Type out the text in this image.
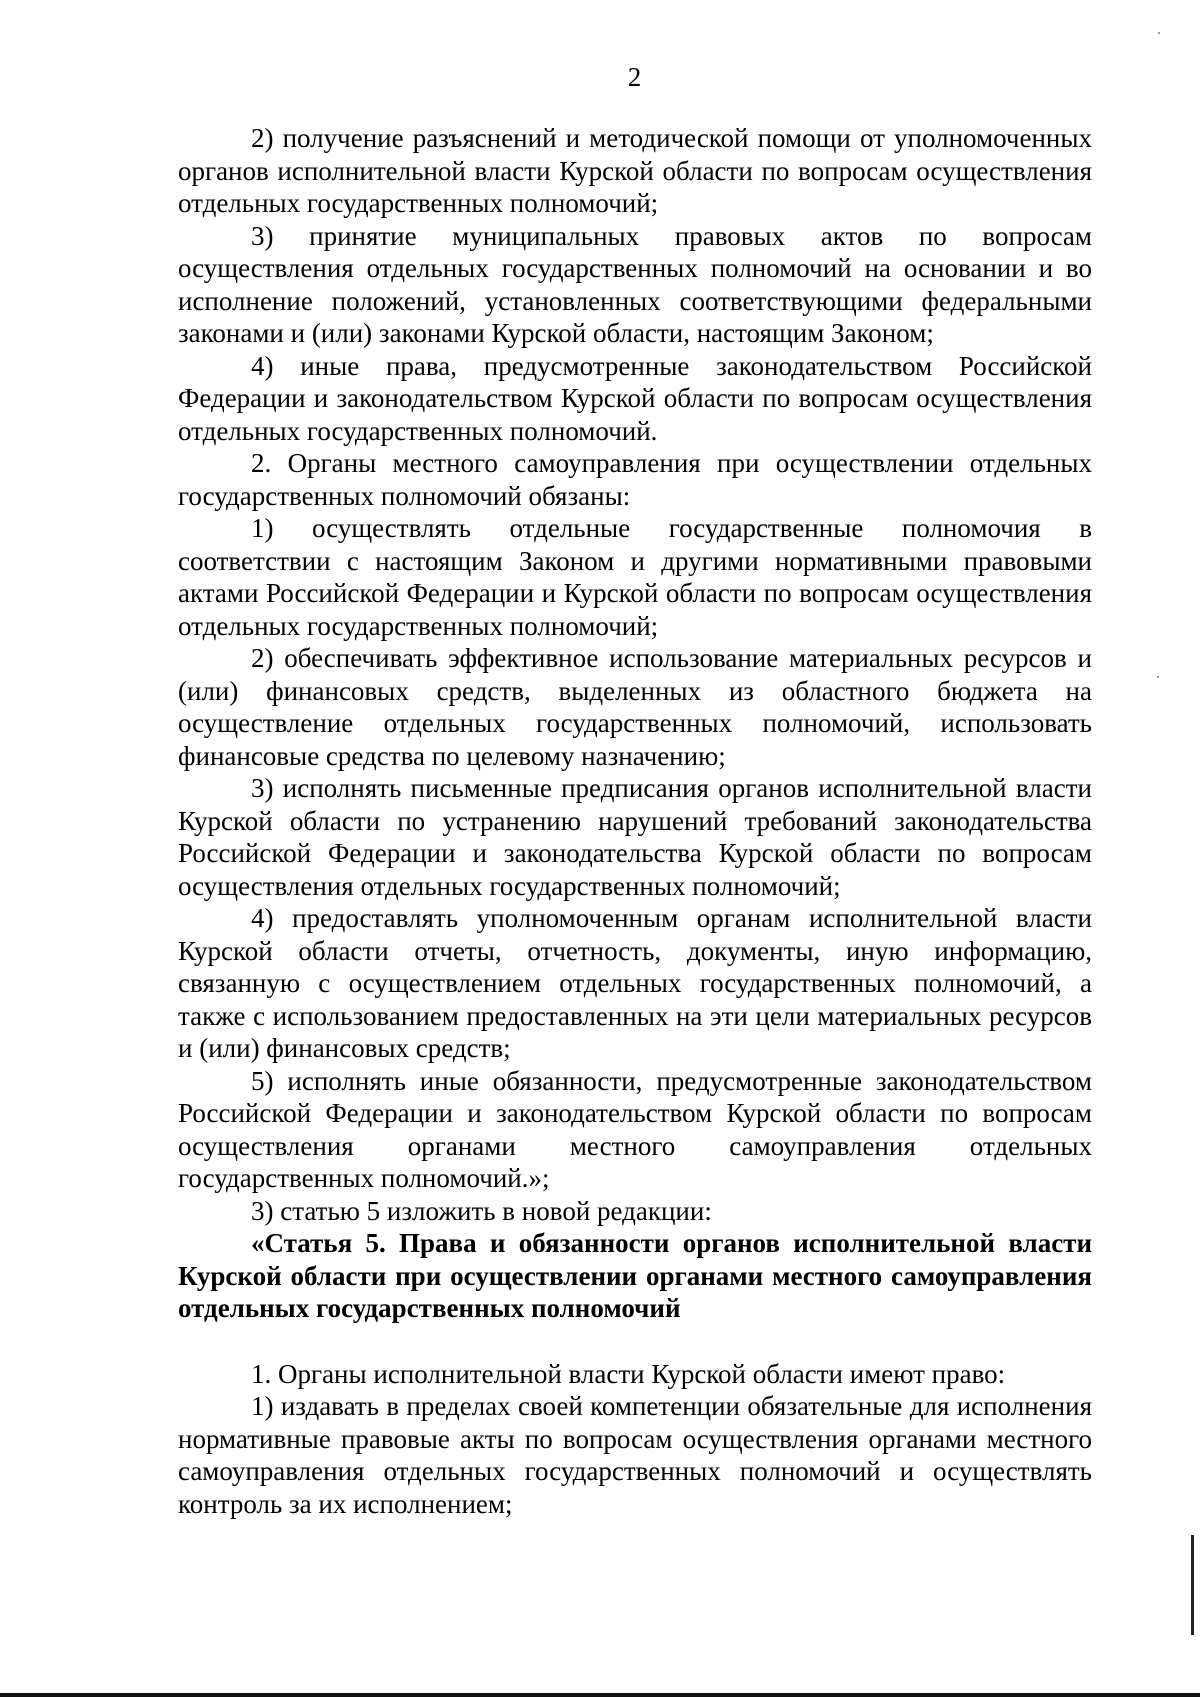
2

2) получение разъяснений и методической помощи от уполномоченных органов исполнительной власти Курской области по вопросам осуществления отдельных государственных полномочий;

3) принятие муниципальных правовых актов по вопросам осуществления отдельных государственных полномочий на основании и во исполнение положений, установленных соответствующими федеральными законами и (или) законами Курской области, настоящим Законом;

4) иные права, предусмотренные законодательством Российской Федерации и законодательством Курской области по вопросам осуществления отдельных государственных полномочий.

2. Органы местного самоуправления при осуществлении отдельных государственных полномочий обязаны:

1) осуществлять отдельные государственные полномочия в соответствии с настоящим Законом и другими нормативными правовыми актами Российской Федерации и Курской области по вопросам осуществления отдельных государственных полномочий;

2) обеспечивать эффективное использование материальных ресурсов и (или) финансовых средств, выделенных из областного бюджета на осуществление отдельных государственных полномочий, использовать финансовые средства по целевому назначению;

3) исполнять письменные предписания органов исполнительной власти Курской области по устранению нарушений требований законодательства Российской Федерации и законодательства Курской области по вопросам осуществления отдельных государственных полномочий;

4) предоставлять уполномоченным органам исполнительной власти Курской области отчеты, отчетность, документы, иную информацию, связанную с осуществлением отдельных государственных полномочий, а также с использованием предоставленных на эти цели материальных ресурсов и (или) финансовых средств;

5) исполнять иные обязанности, предусмотренные законодательством Российской Федерации и законодательством Курской области по вопросам осуществления органами местного самоуправления отдельных государственных полномочий.»;

3) статью 5 изложить в новой редакции:

«Статья 5. Права и обязанности органов исполнительной власти Курской области при осуществлении органами местного самоуправления отдельных государственных полномочий

1. Органы исполнительной власти Курской области имеют право:

1) издавать в пределах своей компетенции обязательные для исполнения нормативные правовые акты по вопросам осуществления органами местного самоуправления отдельных государственных полномочий и осуществлять контроль за их исполнением;
